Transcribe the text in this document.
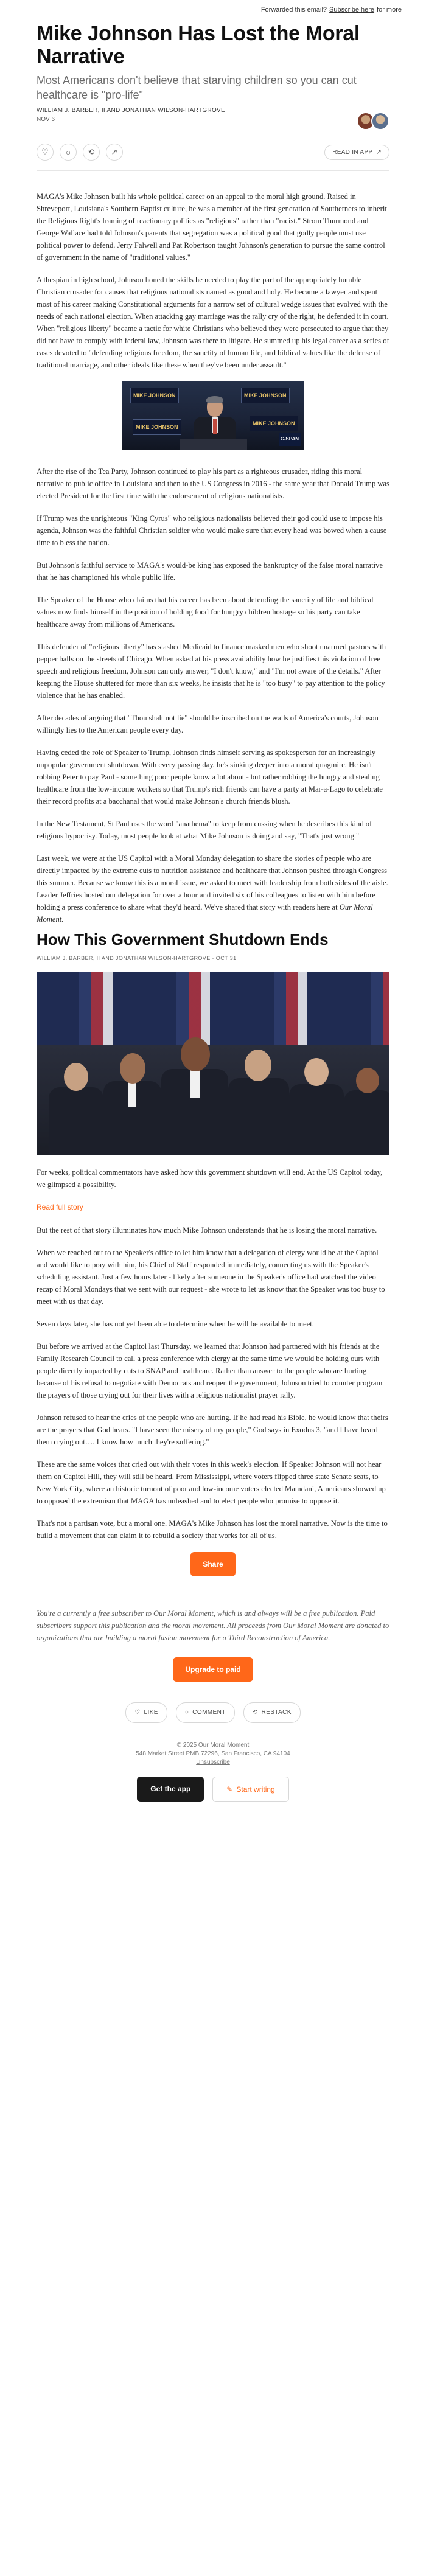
Forwarded this email? Subscribe here for more
Mike Johnson Has Lost the Moral Narrative
Most Americans don't believe that starving children so you can cut healthcare is "pro-life"
WILLIAM J. BARBER, II AND JONATHAN WILSON-HARTGROVE
NOV 6
♡ ○ ⟲ ↗	READ IN APP ↗

MAGA's Mike Johnson built his whole political career on an appeal to the moral high ground. Raised in Shreveport, Louisiana's Southern Baptist culture, he was a member of the first generation of Southerners to inherit the Religious Right's framing of reactionary politics as "religious" rather than "racist." Strom Thurmond and George Wallace had told Johnson's parents that segregation was a political good that godly people must use political power to defend. Jerry Falwell and Pat Robertson taught Johnson's generation to pursue the same control of government in the name of "traditional values."

A thespian in high school, Johnson honed the skills he needed to play the part of the appropriately humble Christian crusader for causes that religious nationalists named as good and holy. He became a lawyer and spent most of his career making Constitutional arguments for a narrow set of cultural wedge issues that evolved with the needs of each national election. When attacking gay marriage was the rally cry of the right, he defended it in court. When "religious liberty" became a tactic for white Christians who believed they were persecuted to argue that they did not have to comply with federal law, Johnson was there to litigate. He summed up his legal career as a series of cases devoted to "defending religious freedom, the sanctity of human life, and biblical values like the defense of traditional marriage, and other ideals like these when they've been under assault."

MIKE JOHNSON	MIKE JOHNSON
MIKE JOHNSON
MIKE JOHNSON
C-SPAN

After the rise of the Tea Party, Johnson continued to play his part as a righteous crusader, riding this moral narrative to public office in Louisiana and then to the US Congress in 2016 - the same year that Donald Trump was elected President for the first time with the endorsement of religious nationalists.

If Trump was the unrighteous "King Cyrus" who religious nationalists believed their god could use to impose his agenda, Johnson was the faithful Christian soldier who would make sure that every head was bowed when a cause time to bless the nation.

But Johnson's faithful service to MAGA's would-be king has exposed the bankruptcy of the false moral narrative that he has championed his whole public life.

The Speaker of the House who claims that his career has been about defending the sanctity of life and biblical values now finds himself in the position of holding food for hungry children hostage so his party can take healthcare away from millions of Americans.

This defender of "religious liberty" has slashed Medicaid to finance masked men who shoot unarmed pastors with pepper balls on the streets of Chicago. When asked at his press availability how he justifies this violation of free speech and religious freedom, Johnson can only answer, "I don't know," and "I'm not aware of the details." After keeping the House shuttered for more than six weeks, he insists that he is "too busy" to pay attention to the policy violence that he has enabled.

After decades of arguing that "Thou shalt not lie" should be inscribed on the walls of America's courts, Johnson willingly lies to the American people every day.

Having ceded the role of Speaker to Trump, Johnson finds himself serving as spokesperson for an increasingly unpopular government shutdown. With every passing day, he's sinking deeper into a moral quagmire. He isn't robbing Peter to pay Paul - something poor people know a lot about - but rather robbing the hungry and stealing healthcare from the low-income workers so that Trump's rich friends can have a party at Mar-a-Lago to celebrate their record profits at a bacchanal that would make Johnson's church friends blush.

In the New Testament, St Paul uses the word "anathema" to keep from cussing when he describes this kind of religious hypocrisy. Today, most people look at what Mike Johnson is doing and say, "That's just wrong."

Last week, we were at the US Capitol with a Moral Monday delegation to share the stories of people who are directly impacted by the extreme cuts to nutrition assistance and healthcare that Johnson pushed through Congress this summer. Because we know this is a moral issue, we asked to meet with leadership from both sides of the aisle. Leader Jeffries hosted our delegation for over a hour and invited six of his colleagues to listen with him before holding a press conference to share what they'd heard. We've shared that story with readers here at Our Moral Moment.

How This Government Shutdown Ends
WILLIAM J. BARBER, II AND JONATHAN WILSON-HARTGROVE · OCT 31

For weeks, political commentators have asked how this government shutdown will end. At the US Capitol today, we glimpsed a possibility.

Read full story

But the rest of that story illuminates how much Mike Johnson understands that he is losing the moral narrative.

When we reached out to the Speaker's office to let him know that a delegation of clergy would be at the Capitol and would like to pray with him, his Chief of Staff responded immediately, connecting us with the Speaker's scheduling assistant. Just a few hours later - likely after someone in the Speaker's office had watched the video recap of Moral Mondays that we sent with our request - she wrote to let us know that the Speaker was too busy to meet with us that day.

Seven days later, she has not yet been able to determine when he will be available to meet.

But before we arrived at the Capitol last Thursday, we learned that Johnson had partnered with his friends at the Family Research Council to call a press conference with clergy at the same time we would be holding ours with people directly impacted by cuts to SNAP and healthcare. Rather than answer to the people who are hurting because of his refusal to negotiate with Democrats and reopen the government, Johnson tried to counter program the prayers of those crying out for their lives with a religious nationalist prayer rally.

Johnson refused to hear the cries of the people who are hurting. If he had read his Bible, he would know that theirs are the prayers that God hears. "I have seen the misery of my people," God says in Exodus 3, "and I have heard them crying out…. I know how much they're suffering."

These are the same voices that cried out with their votes in this week's election. If Speaker Johnson will not hear them on Capitol Hill, they will still be heard. From Mississippi, where voters flipped three state Senate seats, to New York City, where an historic turnout of poor and low-income voters elected Mamdani, Americans showed up to opposed the extremism that MAGA has unleashed and to elect people who promise to oppose it.

That's not a partisan vote, but a moral one. MAGA's Mike Johnson has lost the moral narrative. Now is the time to build a movement that can claim it to rebuild a society that works for all of us.

Share

You're a currently a free subscriber to Our Moral Moment, which is and always will be a free publication. Paid subscribers support this publication and the moral movement. All proceeds from Our Moral Moment are donated to organizations that are building a moral fusion movement for a Third Reconstruction of America.

Upgrade to paid
♡ LIKE	○ COMMENT	⟲ RESTACK
© 2025 Our Moral Moment
548 Market Street PMB 72296, San Francisco, CA 94104
Unsubscribe
Get the app	✎ Start writing
